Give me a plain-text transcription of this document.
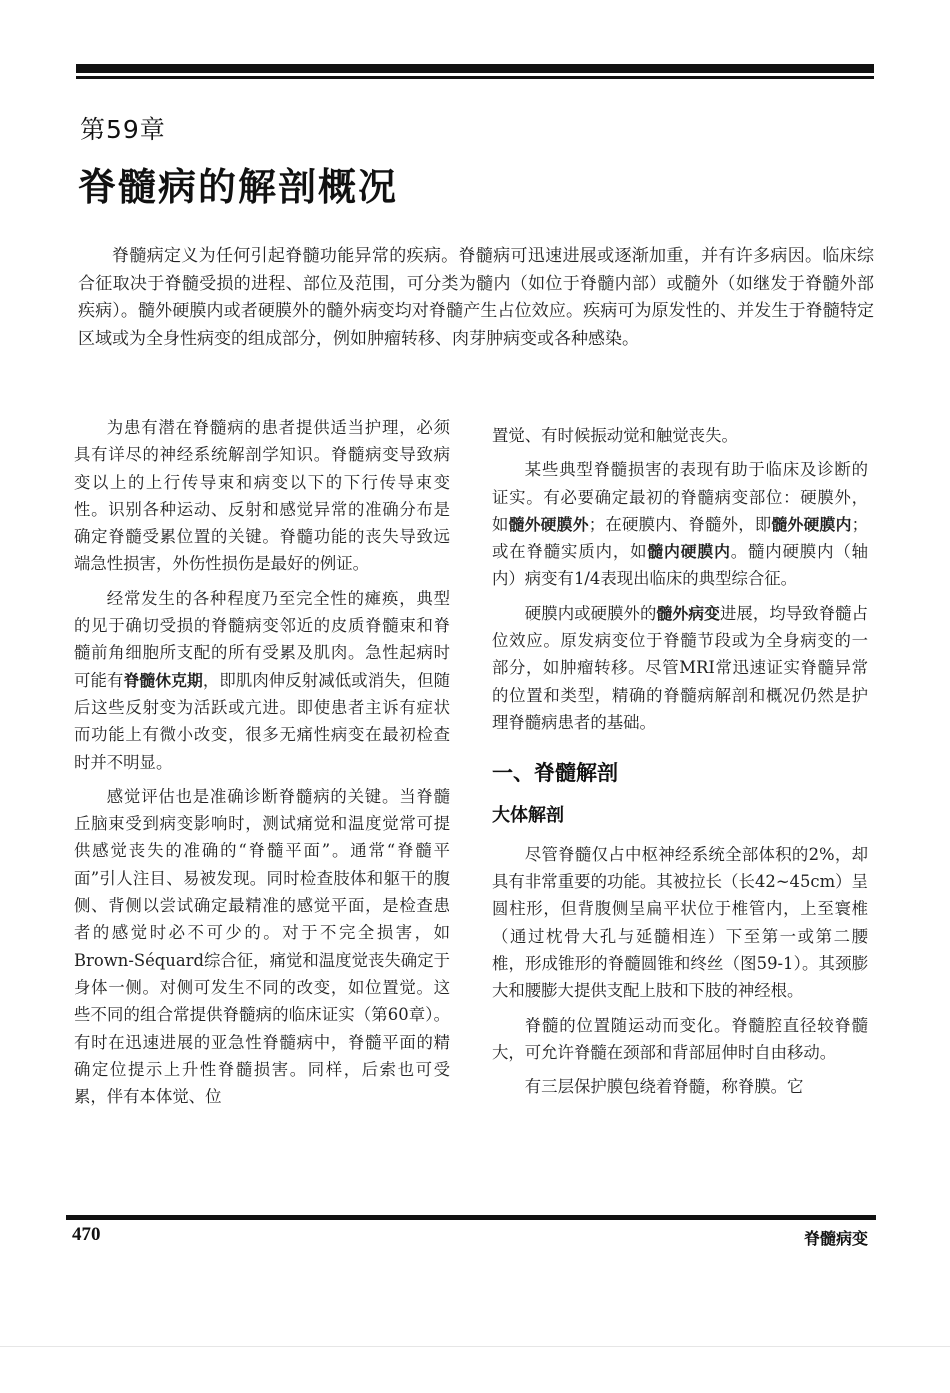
第59章
脊髓病的解剖概况

脊髓病定义为任何引起脊髓功能异常的疾病。脊髓病可迅速进展或逐渐加重，并有许多病因。临床综合征取决于脊髓受损的进程、部位及范围，可分类为髓内（如位于脊髓内部）或髓外（如继发于脊髓外部疾病）。髓外硬膜内或者硬膜外的髓外病变均对脊髓产生占位效应。疾病可为原发性的、并发生于脊髓特定区域或为全身性病变的组成部分，例如肿瘤转移、肉芽肿病变或各种感染。

为患有潜在脊髓病的患者提供适当护理，必须具有详尽的神经系统解剖学知识。脊髓病变导致病变以上的上行传导束和病变以下的下行传导束变性。识别各种运动、反射和感觉异常的准确分布是确定脊髓受累位置的关键。脊髓功能的丧失导致远端急性损害，外伤性损伤是最好的例证。

经常发生的各种程度乃至完全性的瘫痪，典型的见于确切受损的脊髓病变邻近的皮质脊髓束和脊髓前角细胞所支配的所有受累及肌肉。急性起病时可能有脊髓休克期，即肌肉伸反射减低或消失，但随后这些反射变为活跃或亢进。即使患者主诉有症状而功能上有微小改变，很多无痛性病变在最初检查时并不明显。

感觉评估也是准确诊断脊髓病的关键。当脊髓丘脑束受到病变影响时，测试痛觉和温度觉常可提供感觉丧失的准确的“脊髓平面”。通常“脊髓平面”引人注目、易被发现。同时检查肢体和躯干的腹侧、背侧以尝试确定最精准的感觉平面，是检查患者的感觉时必不可少的。对于不完全损害，如Brown-Séquard综合征，痛觉和温度觉丧失确定于身体一侧。对侧可发生不同的改变，如位置觉。这些不同的组合常提供脊髓病的临床证实（第60章）。有时在迅速进展的亚急性脊髓病中，脊髓平面的精确定位提示上升性脊髓损害。同样，后索也可受累，伴有本体觉、位

置觉、有时候振动觉和触觉丧失。

某些典型脊髓损害的表现有助于临床及诊断的证实。有必要确定最初的脊髓病变部位：硬膜外，如髓外硬膜外；在硬膜内、脊髓外，即髓外硬膜内；或在脊髓实质内，如髓内硬膜内。髓内硬膜内（轴内）病变有1/4表现出临床的典型综合征。

硬膜内或硬膜外的髓外病变进展，均导致脊髓占位效应。原发病变位于脊髓节段或为全身病变的一部分，如肿瘤转移。尽管MRI常迅速证实脊髓异常的位置和类型，精确的脊髓病解剖和概况仍然是护理脊髓病患者的基础。

一、脊髓解剖
大体解剖

尽管脊髓仅占中枢神经系统全部体积的2%，却具有非常重要的功能。其被拉长（长42~45cm）呈圆柱形，但背腹侧呈扁平状位于椎管内，上至寰椎（通过枕骨大孔与延髓相连）下至第一或第二腰椎，形成锥形的脊髓圆锥和终丝（图59-1）。其颈膨大和腰膨大提供支配上肢和下肢的神经根。

脊髓的位置随运动而变化。脊髓腔直径较脊髓大，可允许脊髓在颈部和背部屈伸时自由移动。

有三层保护膜包绕着脊髓，称脊膜。它

470	脊髓病变
